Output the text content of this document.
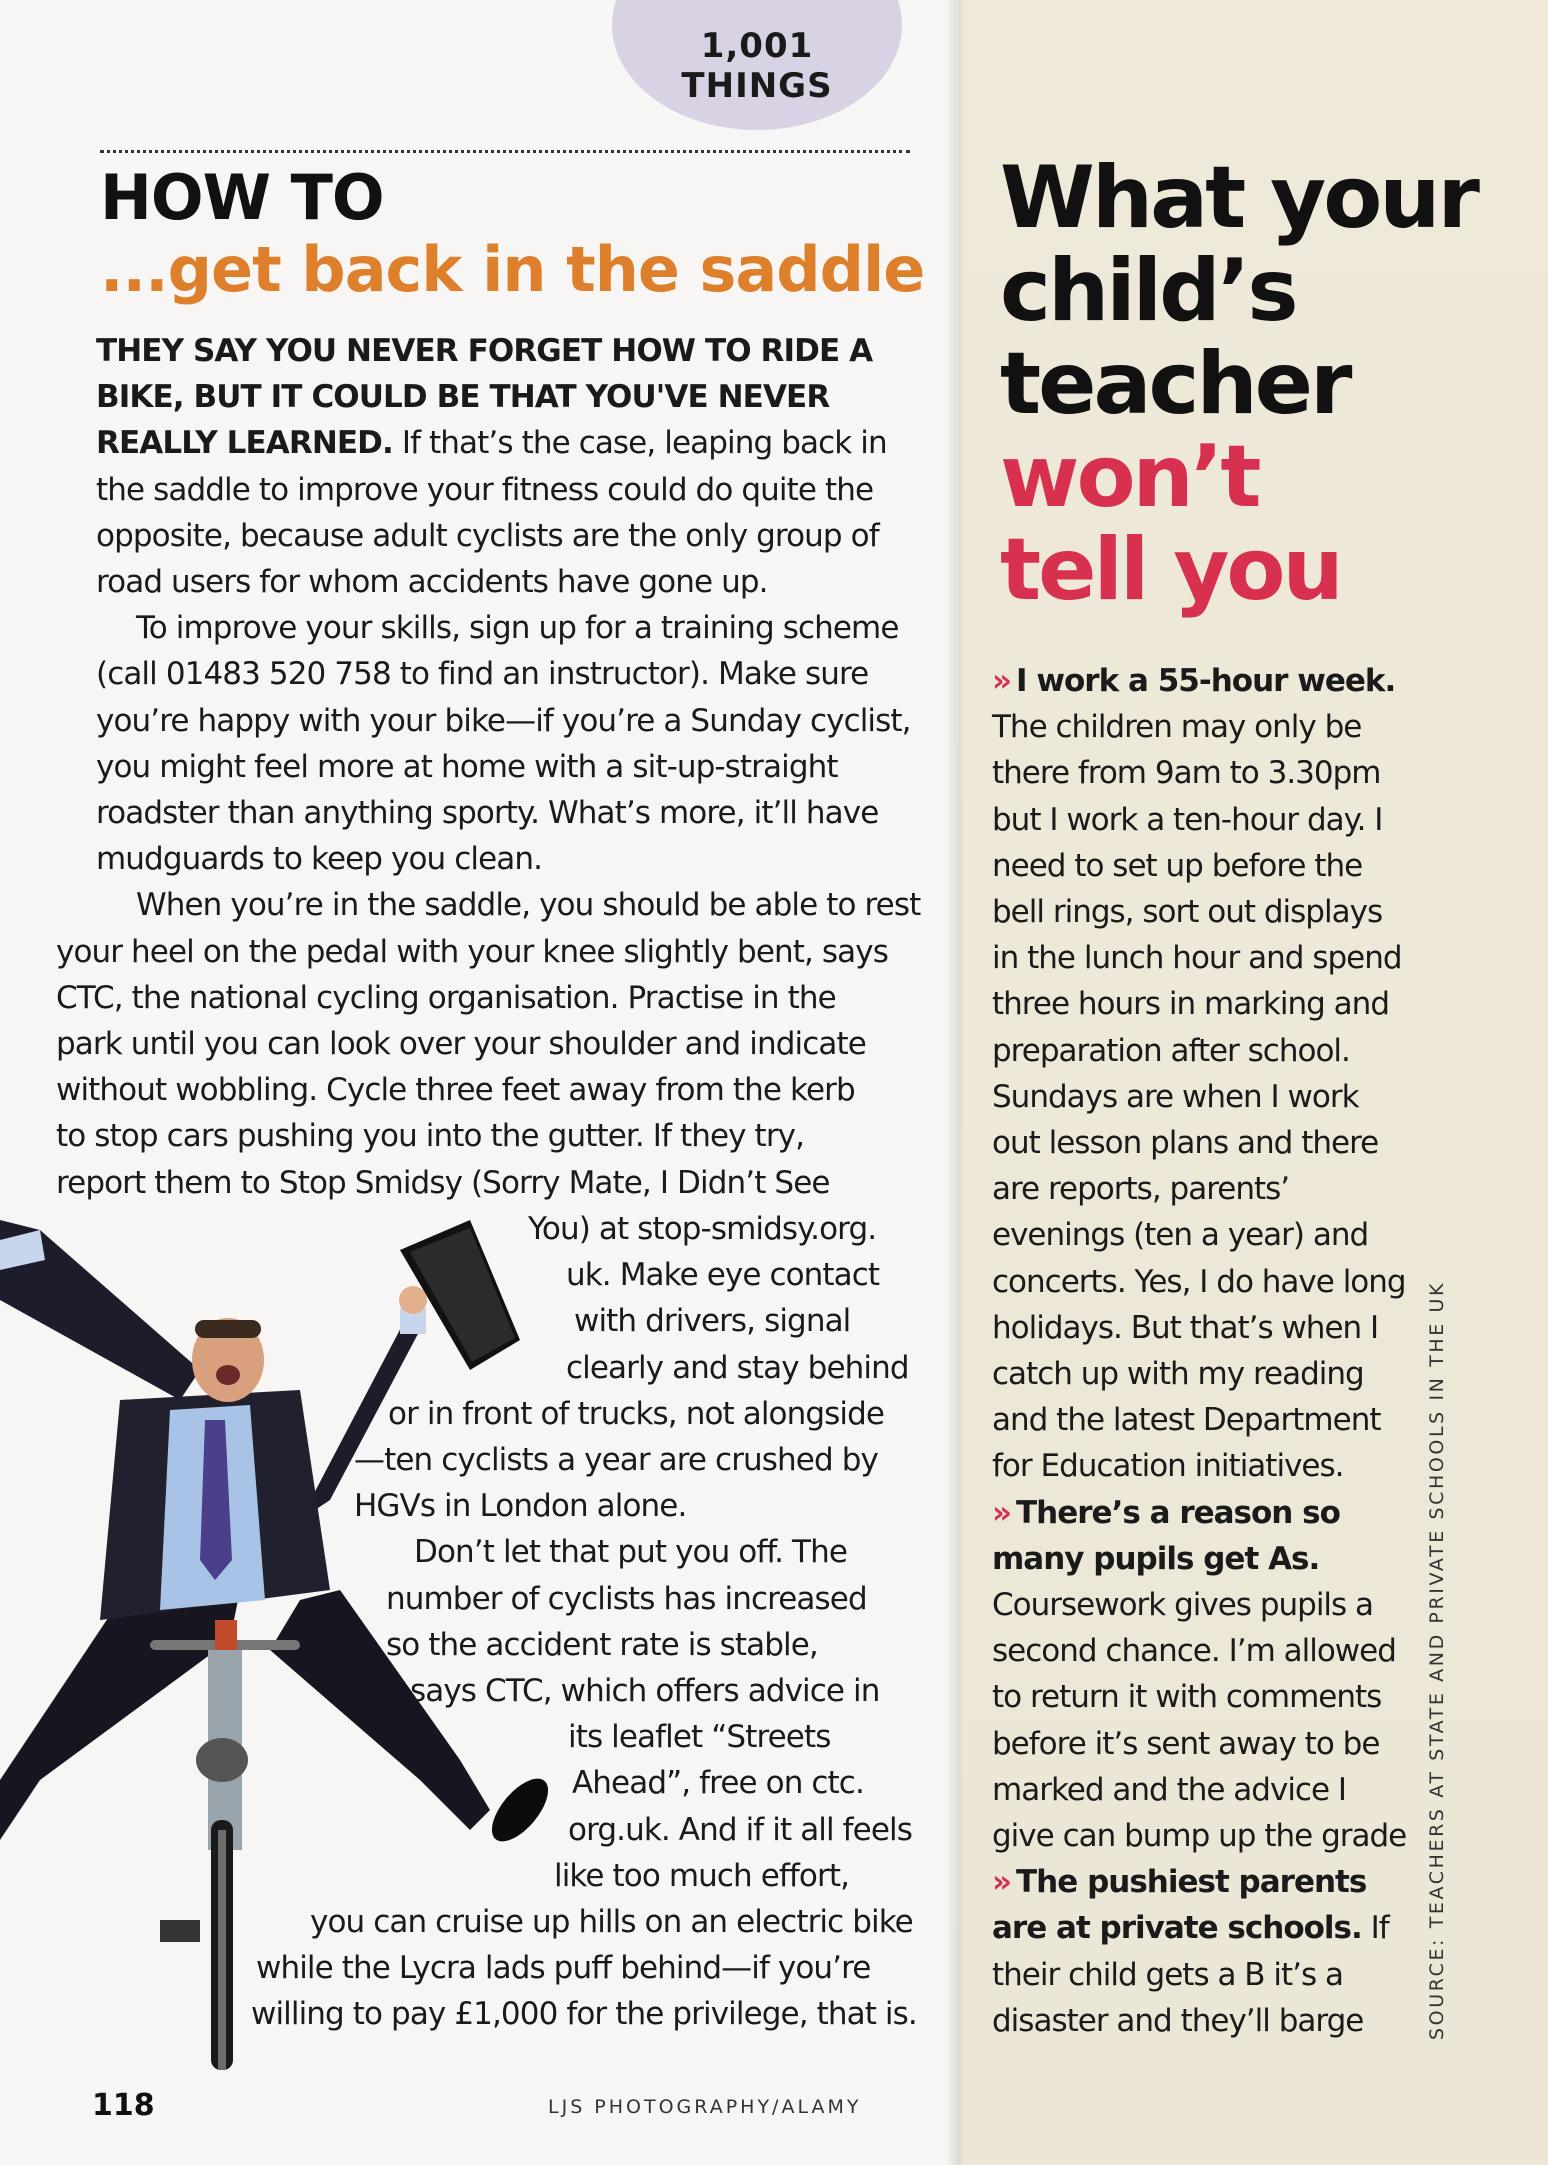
1,001
THINGS
HOW TO
...get back in the saddle

THEY SAY YOU NEVER FORGET HOW TO RIDE A BIKE, BUT IT COULD BE THAT YOU'VE NEVER REALLY LEARNED. If that’s the case, leaping back in the saddle to improve your fitness could do quite the opposite, because adult cyclists are the only group of road users for whom accidents have gone up.

To improve your skills, sign up for a training scheme (call 01483 520 758 to find an instructor). Make sure you’re happy with your bike—if you’re a Sunday cyclist, you might feel more at home with a sit-up-straight roadster than anything sporty. What’s more, it’ll have mudguards to keep you clean.

When you’re in the saddle, you should be able to rest
your heel on the pedal with your knee slightly bent, says
CTC, the national cycling organisation. Practise in the
park until you can look over your shoulder and indicate
without wobbling. Cycle three feet away from the kerb
to stop cars pushing you into the gutter. If they try,
report them to Stop Smidsy (Sorry Mate, I Didn’t See

You) at stop-smidsy.org.
uk. Make eye contact
with drivers, signal
clearly and stay behind
or in front of trucks, not alongside
—ten cyclists a year are crushed by
HGVs in London alone.
Don’t let that put you off. The
number of cyclists has increased
so the accident rate is stable,
says CTC, which offers advice in
its leaflet “Streets
Ahead”, free on ctc.
org.uk. And if it all feels
like too much effort,
you can cruise up hills on an electric bike
while the Lycra lads puff behind—if you’re
willing to pay £1,000 for the privilege, that is.
118	LJS PHOTOGRAPHY/ALAMY
What your
child’s
teacher
won’t
tell you

» I work a 55-hour week. The children may only be there from 9am to 3.30pm but I work a ten-hour day. I need to set up before the bell rings, sort out displays in the lunch hour and spend three hours in marking and preparation after school. Sundays are when I work out lesson plans and there are reports, parents’ evenings (ten a year) and concerts. Yes, I do have long holidays. But that’s when I catch up with my reading and the latest Department for Education initiatives.

» There’s a reason so many pupils get As. Coursework gives pupils a second chance. I’m allowed to return it with comments before it’s sent away to be marked and the advice I give can bump up the grade

» The pushiest parents are at private schools. If their child gets a B it’s a disaster and they’ll barge	SOURCE: TEACHERS AT STATE AND PRIVATE SCHOOLS IN THE UK
